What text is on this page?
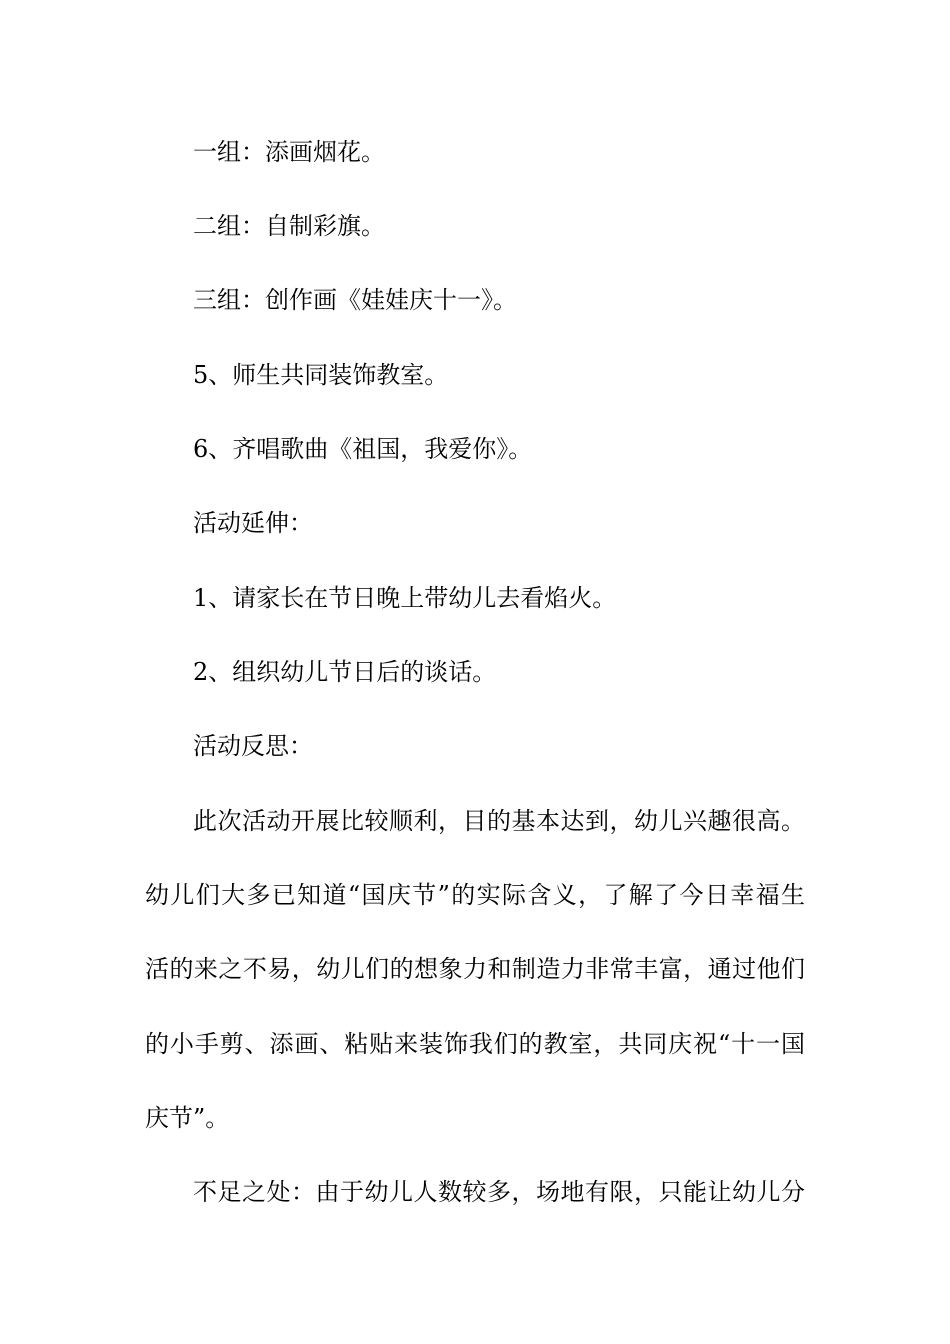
一组：添画烟花。
二组：自制彩旗。
三组：创作画《娃娃庆十一》。
5、师生共同装饰教室。
6、齐唱歌曲《祖国，我爱你》。
活动延伸：
1、请家长在节日晚上带幼儿去看焰火。
2、组织幼儿节日后的谈话。
活动反思：
此次活动开展比较顺利，目的基本达到，幼儿兴趣很高。
幼儿们大多已知道“国庆节”的实际含义，了解了今日幸福生
活的来之不易，幼儿们的想象力和制造力非常丰富，通过他们
的小手剪、添画、粘贴来装饰我们的教室，共同庆祝“十一国
庆节”。
不足之处：由于幼儿人数较多，场地有限，只能让幼儿分
